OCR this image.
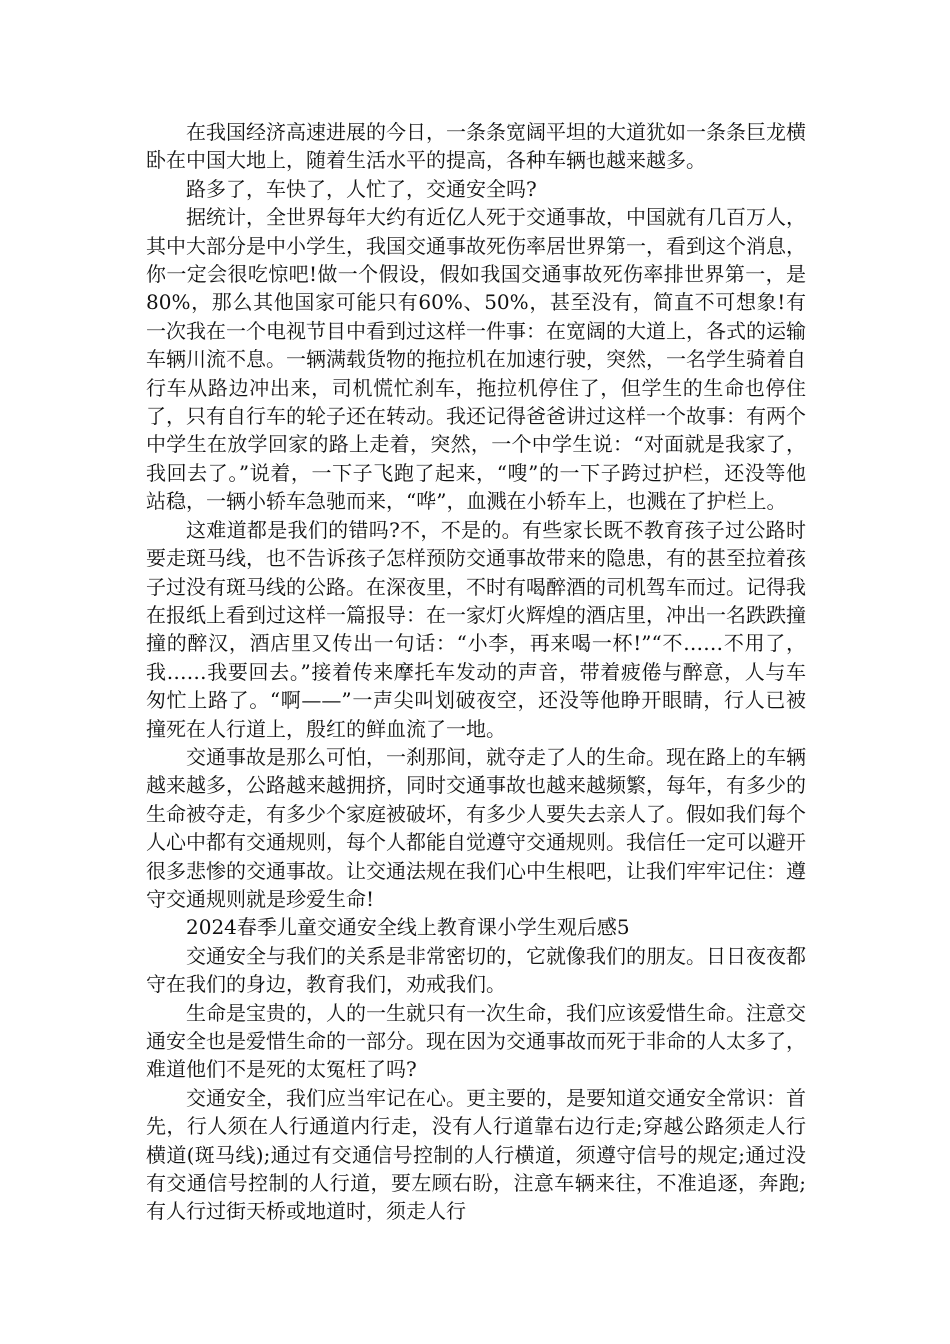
在我国经济高速进展的今日，一条条宽阔平坦的大道犹如一条条巨龙横卧在中国大地上，随着生活水平的提高，各种车辆也越来越多。

路多了，车快了，人忙了，交通安全吗?

据统计，全世界每年大约有近亿人死于交通事故，中国就有几百万人，其中大部分是中小学生，我国交通事故死伤率居世界第一，看到这个消息，你一定会很吃惊吧!做一个假设，假如我国交通事故死伤率排世界第一，是80%，那么其他国家可能只有60%、50%，甚至没有，简直不可想象!有一次我在一个电视节目中看到过这样一件事：在宽阔的大道上，各式的运输车辆川流不息。一辆满载货物的拖拉机在加速行驶，突然，一名学生骑着自行车从路边冲出来，司机慌忙刹车，拖拉机停住了，但学生的生命也停住了，只有自行车的轮子还在转动。我还记得爸爸讲过这样一个故事：有两个中学生在放学回家的路上走着，突然，一个中学生说：“对面就是我家了，我回去了。”说着，一下子飞跑了起来，“嗖”的一下子跨过护栏，还没等他站稳，一辆小轿车急驰而来，“哗”，血溅在小轿车上，也溅在了护栏上。

这难道都是我们的错吗?不，不是的。有些家长既不教育孩子过公路时要走斑马线，也不告诉孩子怎样预防交通事故带来的隐患，有的甚至拉着孩子过没有斑马线的公路。在深夜里，不时有喝醉酒的司机驾车而过。记得我在报纸上看到过这样一篇报导：在一家灯火辉煌的酒店里，冲出一名跌跌撞撞的醉汉，酒店里又传出一句话：“小李，再来喝一杯!”“不……不用了，我……我要回去。”接着传来摩托车发动的声音，带着疲倦与醉意，人与车匆忙上路了。“啊——”一声尖叫划破夜空，还没等他睁开眼睛，行人已被撞死在人行道上，殷红的鲜血流了一地。

交通事故是那么可怕，一刹那间，就夺走了人的生命。现在路上的车辆越来越多，公路越来越拥挤，同时交通事故也越来越频繁，每年，有多少的生命被夺走，有多少个家庭被破坏，有多少人要失去亲人了。假如我们每个人心中都有交通规则，每个人都能自觉遵守交通规则。我信任一定可以避开很多悲惨的交通事故。让交通法规在我们心中生根吧，让我们牢牢记住：遵守交通规则就是珍爱生命!

2024春季儿童交通安全线上教育课小学生观后感5

交通安全与我们的关系是非常密切的，它就像我们的朋友。日日夜夜都守在我们的身边，教育我们，劝戒我们。

生命是宝贵的，人的一生就只有一次生命，我们应该爱惜生命。注意交通安全也是爱惜生命的一部分。现在因为交通事故而死于非命的人太多了，难道他们不是死的太冤枉了吗?

交通安全，我们应当牢记在心。更主要的，是要知道交通安全常识：首先，行人须在人行通道内行走，没有人行道靠右边行走;穿越公路须走人行横道(斑马线);通过有交通信号控制的人行横道，须遵守信号的规定;通过没有交通信号控制的人行道，要左顾右盼，注意车辆来往，不准追逐，奔跑;有人行过街天桥或地道时，须走人行
